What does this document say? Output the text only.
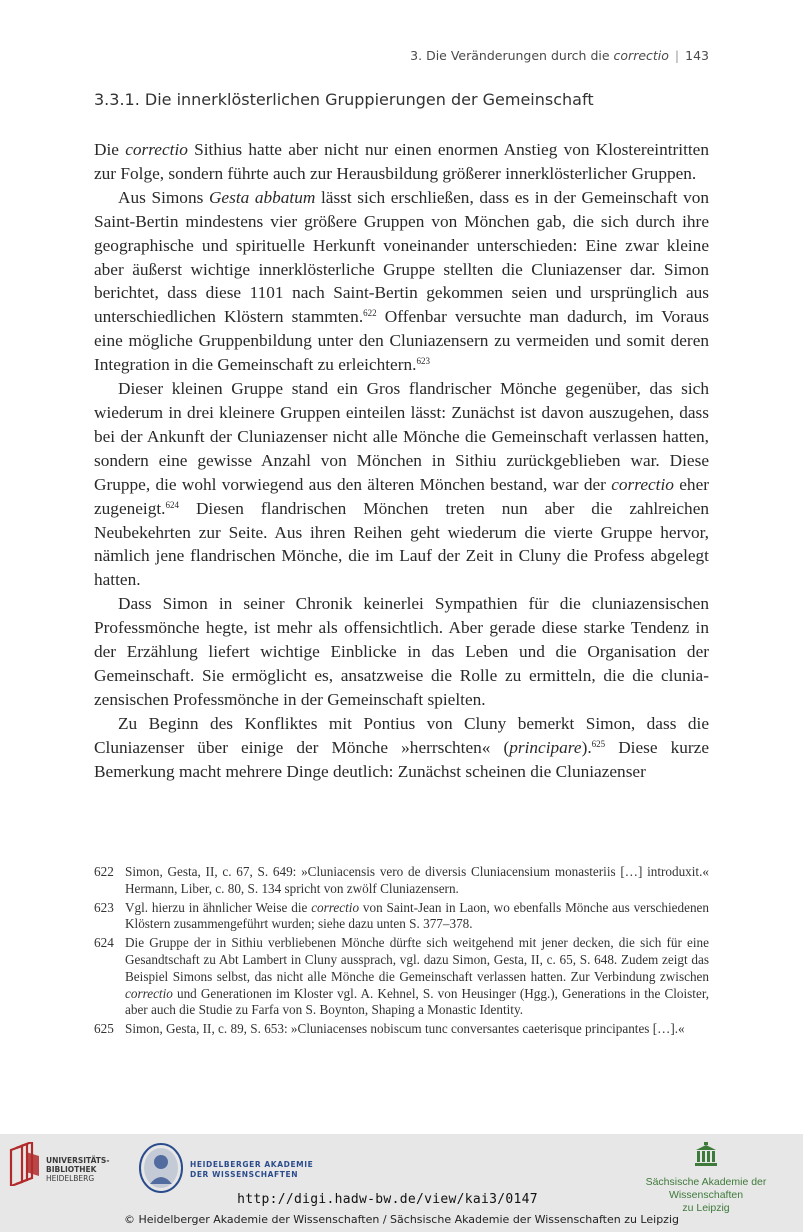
3. Die Veränderungen durch die correctio | 143
3.3.1. Die innerklösterlichen Gruppierungen der Gemeinschaft

Die correctio Sithius hatte aber nicht nur einen enormen Anstieg von Klostereintritten zur Folge, sondern führte auch zur Herausbildung größerer innerklösterlicher Gruppen.

Aus Simons Gesta abbatum lässt sich erschließen, dass es in der Gemeinschaft von Saint-Bertin mindestens vier größere Gruppen von Mönchen gab, die sich durch ihre geographische und spirituelle Herkunft voneinander unterschieden: Eine zwar kleine aber äußerst wichtige innerklösterliche Gruppe stellten die Cluniazenser dar. Simon berichtet, dass diese 1101 nach Saint-Bertin gekommen seien und ursprünglich aus unterschiedlichen Klöstern stammten.$^{622}$ Offenbar versuchte man dadurch, im Voraus eine mögliche Gruppenbildung unter den Cluniazensern zu vermeiden und somit deren Integration in die Gemeinschaft zu erleichtern.$^{623}$

Dieser kleinen Gruppe stand ein Gros flandrischer Mönche gegenüber, das sich wiederum in drei kleinere Gruppen einteilen lässt: Zunächst ist davon auszugehen, dass bei der Ankunft der Cluniazenser nicht alle Mönche die Gemeinschaft verlassen hatten, sondern eine gewisse Anzahl von Mönchen in Sithiu zurückgeblieben war. Diese Gruppe, die wohl vorwiegend aus den älteren Mönchen bestand, war der correctio eher zugeneigt.$^{624}$ Diesen flandrischen Mönchen treten nun aber die zahlreichen Neubekehrten zur Seite. Aus ihren Reihen geht wiederum die vierte Gruppe hervor, nämlich jene flandrischen Mönche, die im Lauf der Zeit in Cluny die Profess abgelegt hatten.

Dass Simon in seiner Chronik keinerlei Sympathien für die cluniazensischen Professmönche hegte, ist mehr als offensichtlich. Aber gerade diese starke Tendenz in der Erzählung liefert wichtige Einblicke in das Leben und die Organisation der Gemeinschaft. Sie ermöglicht es, ansatzweise die Rolle zu ermitteln, die die cluniazensischen Professmönche in der Gemeinschaft spielten.

Zu Beginn des Konfliktes mit Pontius von Cluny bemerkt Simon, dass die Cluniazenser über einige der Mönche »herrschten« (principare).$^{625}$ Diese kurze Bemerkung macht mehrere Dinge deutlich: Zunächst scheinen die Cluniazenser

622 Simon, Gesta, II, c. 67, S. 649: »Cluniacensis vero de diversis Cluniacensium monasteriis […] introduxit.« Hermann, Liber, c. 80, S. 134 spricht von zwölf Cluniazensern.
623 Vgl. hierzu in ähnlicher Weise die correctio von Saint-Jean in Laon, wo ebenfalls Mönche aus verschiedenen Klöstern zusammengeführt wurden; siehe dazu unten S. 377–378.
624 Die Gruppe der in Sithiu verbliebenen Mönche dürfte sich weitgehend mit jener decken, die sich für eine Gesandtschaft zu Abt Lambert in Cluny aussprach, vgl. dazu Simon, Gesta, II, c. 65, S. 648. Zudem zeigt das Beispiel Simons selbst, das nicht alle Mönche die Gemeinschaft verlassen hatten. Zur Verbindung zwischen correctio und Generationen im Kloster vgl. A. Kehnel, S. von Heusinger (Hgg.), Generations in the Cloister, aber auch die Studie zu Farfa von S. Boynton, Shaping a Monastic Identity.
625 Simon, Gesta, II, c. 89, S. 653: »Cluniacenses nobiscum tunc conversantes caeterisque principantes […].«
UNIVERSITÄTS-
BIBLIOTHEK
HEIDELBERG
HEIDELBERGER AKADEMIE
DER WISSENSCHAFTEN
Sächsische Akademie der Wissenschaften
zu Leipzig
http://digi.hadw-bw.de/view/kai3/0147
© Heidelberger Akademie der Wissenschaften / Sächsische Akademie der Wissenschaften zu Leipzig
